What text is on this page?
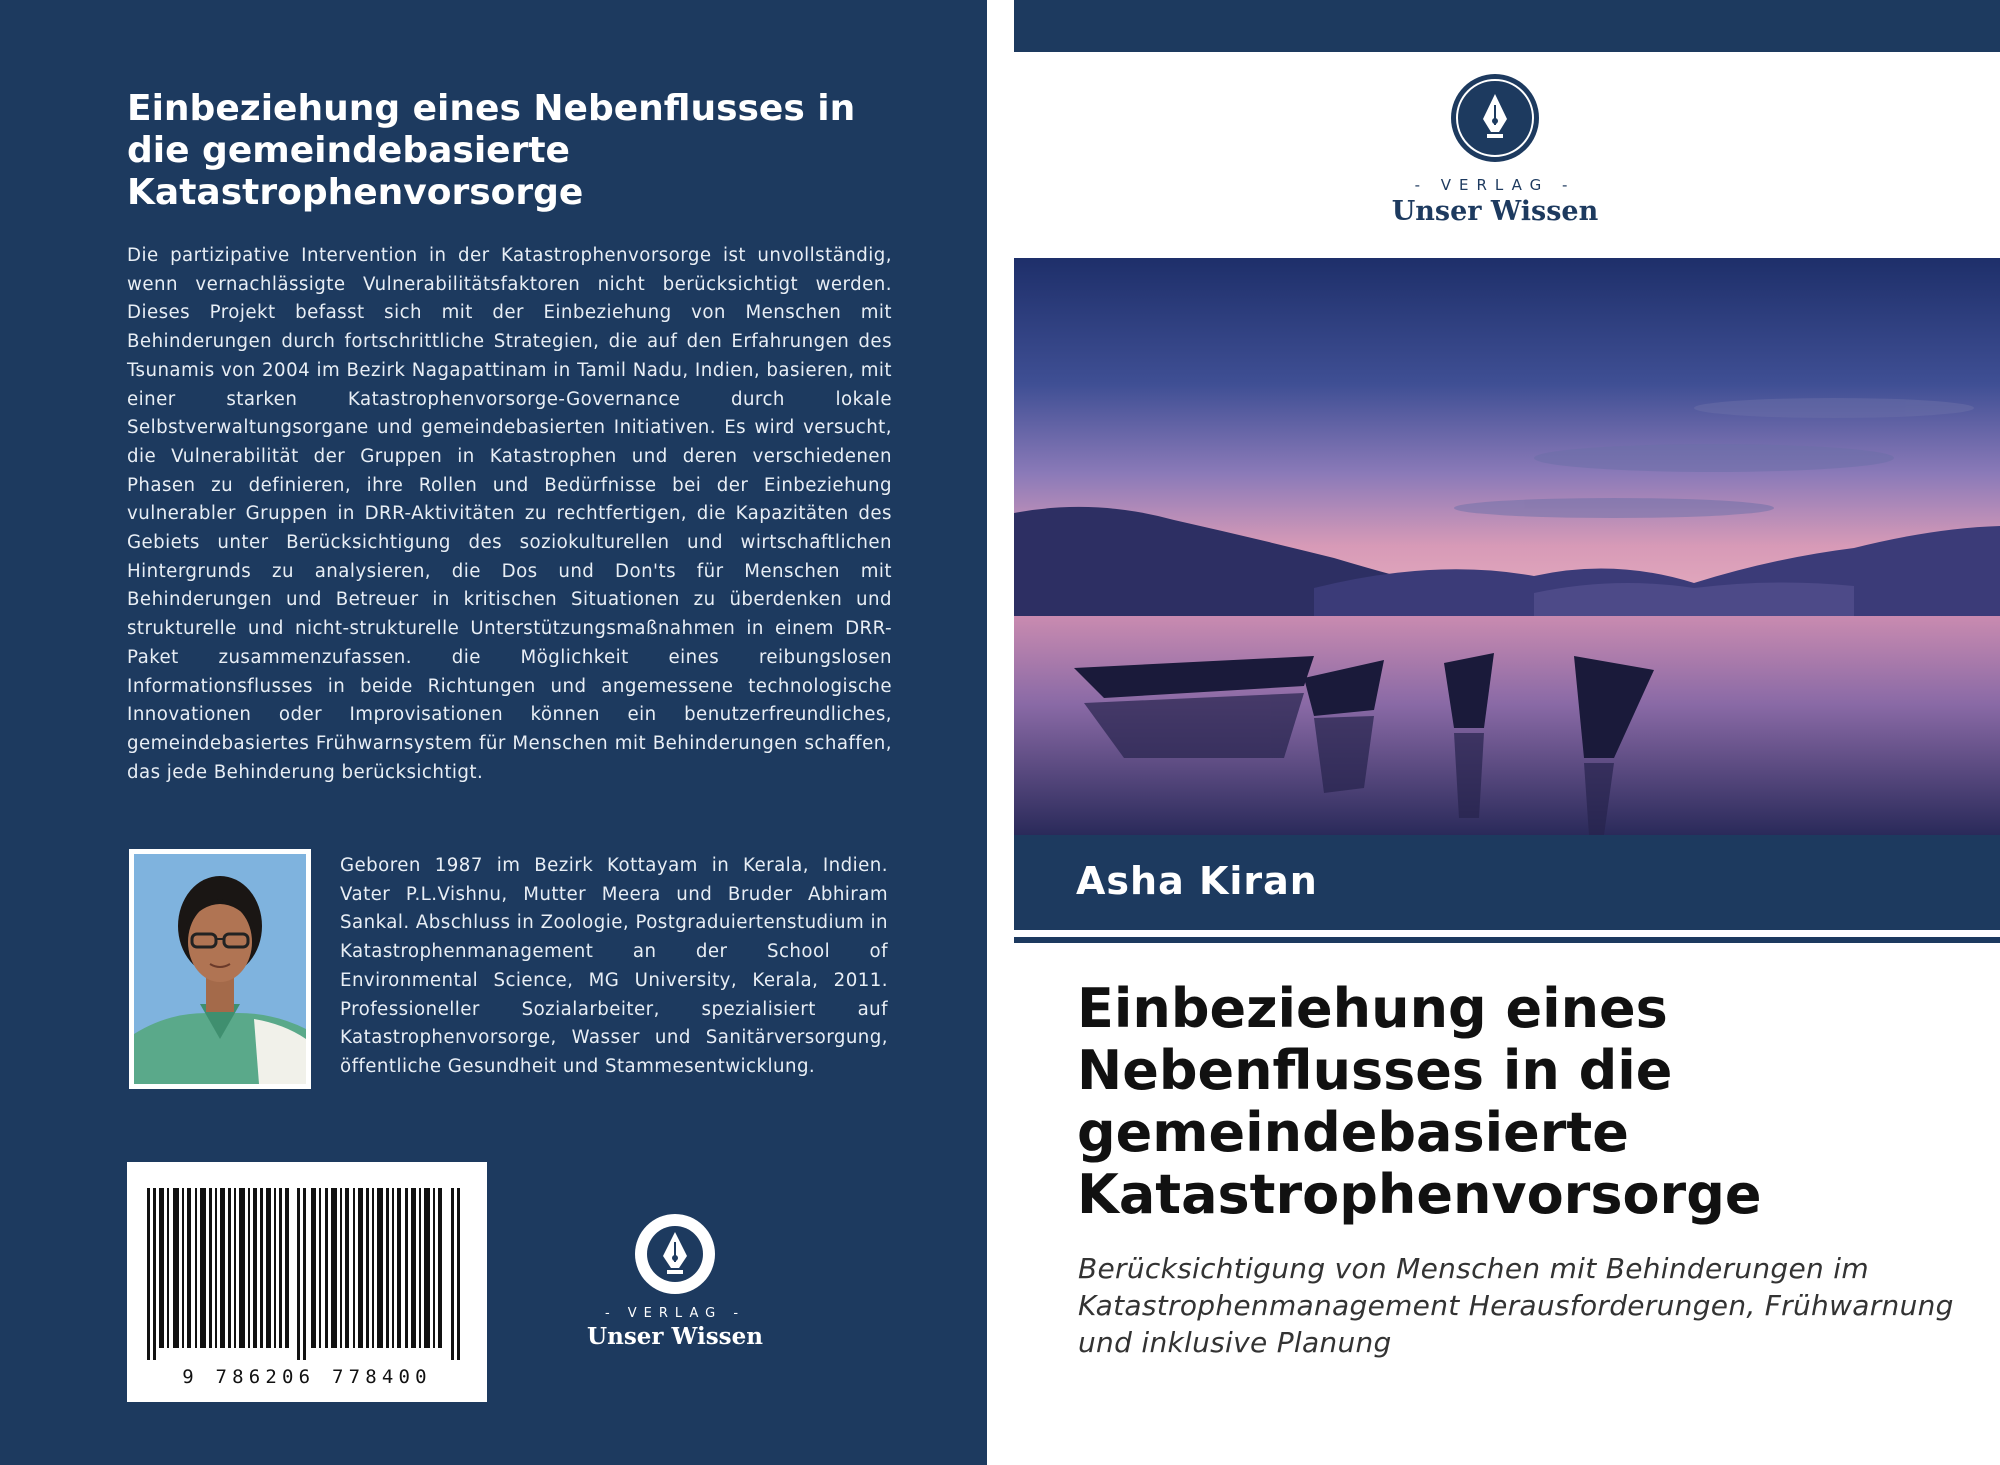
Einbeziehung eines Nebenflusses in die gemeindebasierte Katastrophenvorsorge

Die partizipative Intervention in der Katastrophenvorsorge ist unvollständig, wenn vernachlässigte Vulnerabilitätsfaktoren nicht berücksichtigt werden. Dieses Projekt befasst sich mit der Einbeziehung von Menschen mit Behinderungen durch fortschrittliche Strategien, die auf den Erfahrungen des Tsunamis von 2004 im Bezirk Nagapattinam in Tamil Nadu, Indien, basieren, mit einer starken Katastrophenvorsorge-Governance durch lokale Selbstverwaltungsorgane und gemeindebasierten Initiativen. Es wird versucht, die Vulnerabilität der Gruppen in Katastrophen und deren verschiedenen Phasen zu definieren, ihre Rollen und Bedürfnisse bei der Einbeziehung vulnerabler Gruppen in DRR-Aktivitäten zu rechtfertigen, die Kapazitäten des Gebiets unter Berücksichtigung des soziokulturellen und wirtschaftlichen Hintergrunds zu analysieren, die Dos und Don'ts für Menschen mit Behinderungen und Betreuer in kritischen Situationen zu überdenken und strukturelle und nicht-strukturelle Unterstützungsmaßnahmen in einem DRR-Paket zusammenzufassen. die Möglichkeit eines reibungslosen Informationsflusses in beide Richtungen und angemessene technologische Innovationen oder Improvisationen können ein benutzerfreundliches, gemeindebasiertes Frühwarnsystem für Menschen mit Behinderungen schaffen, das jede Behinderung berücksichtigt.

Geboren 1987 im Bezirk Kottayam in Kerala, Indien. Vater P.L.Vishnu, Mutter Meera und Bruder Abhiram Sankal. Abschluss in Zoologie, Postgraduiertenstudium in Katastrophenmanagement an der School of Environmental Science, MG University, Kerala, 2011. Professioneller Sozialarbeiter, spezialisiert auf Katastrophenvorsorge, Wasser und Sanitärversorgung, öffentliche Gesundheit und Stammesentwicklung.

9 786206 778400
- VERLAG -
Unser Wissen
- VERLAG -
Unser Wissen
Asha Kiran
Einbeziehung eines Nebenflusses in die gemeindebasierte Katastrophenvorsorge

Berücksichtigung von Menschen mit Behinderungen im Katastrophenmanagement Herausforderungen, Frühwarnung und inklusive Planung
